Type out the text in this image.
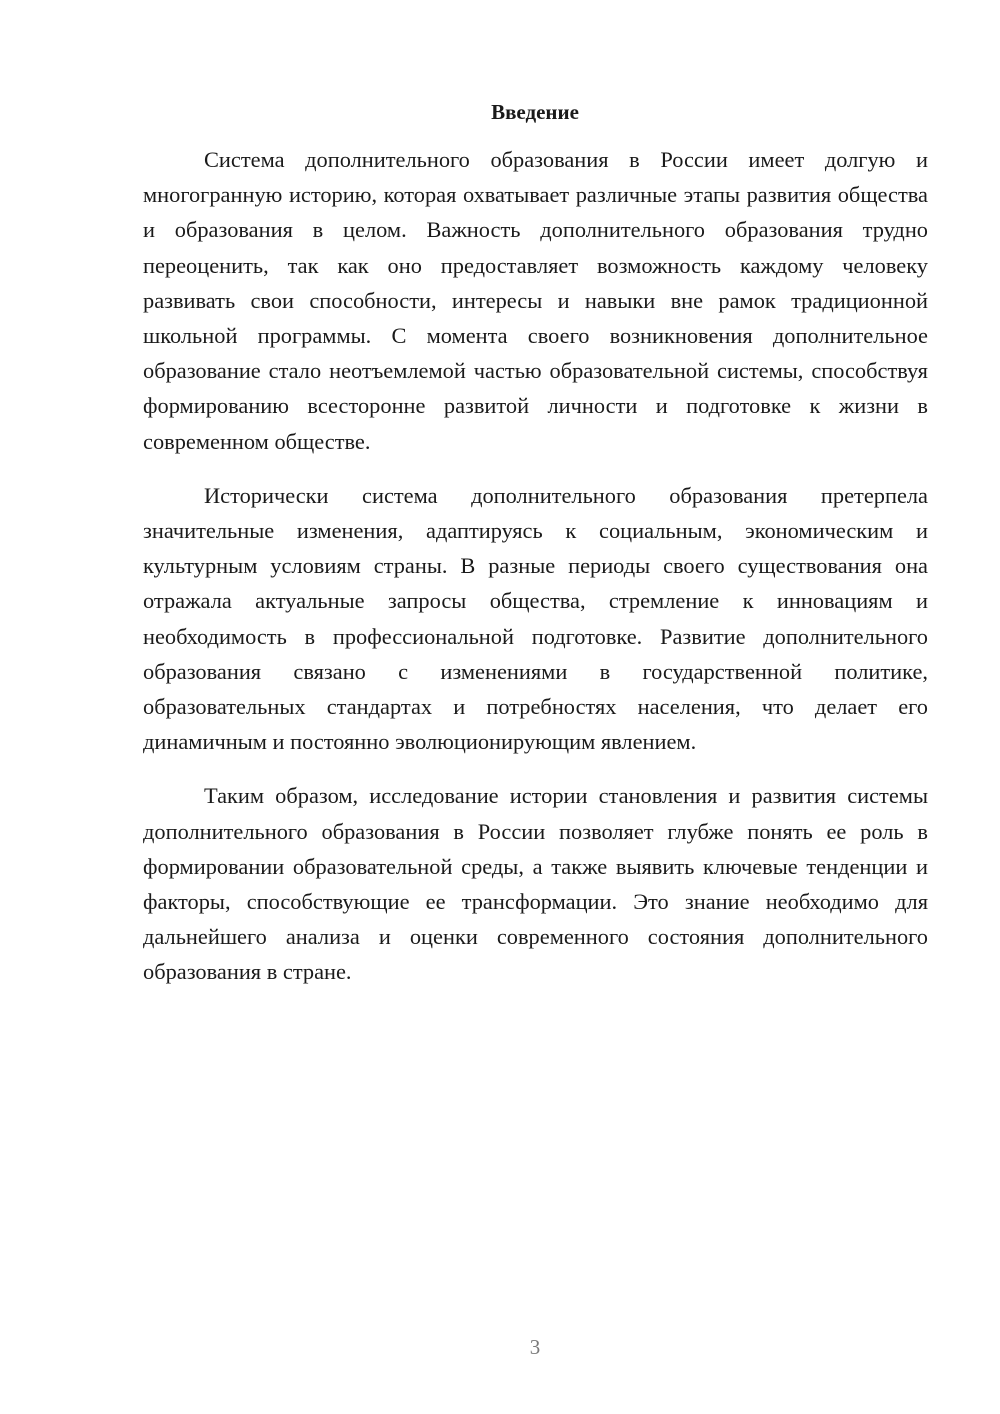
Введение

Система дополнительного образования в России имеет долгую и многогранную историю, которая охватывает различные этапы развития общества и образования в целом. Важность дополнительного образования трудно переоценить, так как оно предоставляет возможность каждому человеку развивать свои способности, интересы и навыки вне рамок традиционной школьной программы. С момента своего возникновения дополнительное образование стало неотъемлемой частью образовательной системы, способствуя формированию всесторонне развитой личности и подготовке к жизни в современном обществе.

Исторически система дополнительного образования претерпела значительные изменения, адаптируясь к социальным, экономическим и культурным условиям страны. В разные периоды своего существования она отражала актуальные запросы общества, стремление к инновациям и необходимость в профессиональной подготовке. Развитие дополнительного образования связано с изменениями в государственной политике, образовательных стандартах и потребностях населения, что делает его динамичным и постоянно эволюционирующим явлением.

Таким образом, исследование истории становления и развития системы дополнительного образования в России позволяет глубже понять ее роль в формировании образовательной среды, а также выявить ключевые тенденции и факторы, способствующие ее трансформации. Это знание необходимо для дальнейшего анализа и оценки современного состояния дополнительного образования в стране.

3
